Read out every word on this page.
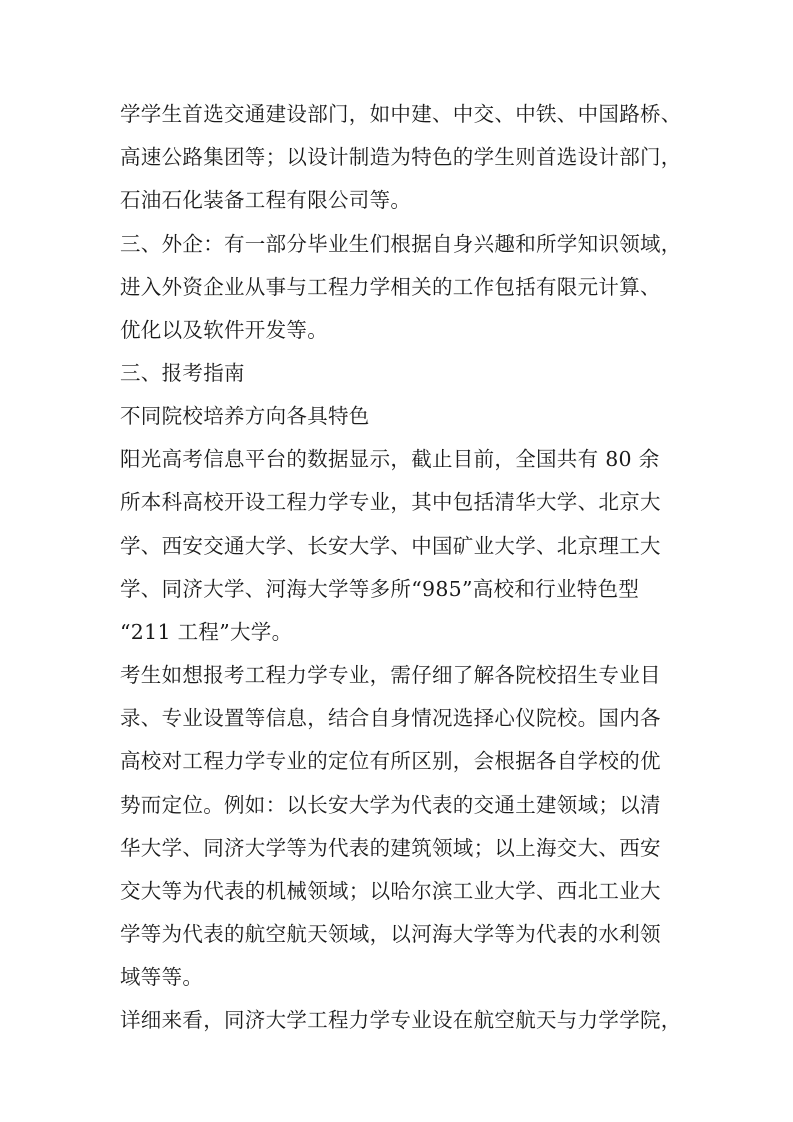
学学生首选交通建设部门，如中建、中交、中铁、中国路桥、
高速公路集团等；以设计制造为特色的学生则首选设计部门，
石油石化装备工程有限公司等。
三、外企：有一部分毕业生们根据自身兴趣和所学知识领域，
进入外资企业从事与工程力学相关的工作包括有限元计算、
优化以及软件开发等。
三、报考指南
不同院校培养方向各具特色
阳光高考信息平台的数据显示，截止目前，全国共有 80 余
所本科高校开设工程力学专业，其中包括清华大学、北京大
学、西安交通大学、长安大学、中国矿业大学、北京理工大
学、同济大学、河海大学等多所“985”高校和行业特色型
“211 工程”大学。
考生如想报考工程力学专业，需仔细了解各院校招生专业目
录、专业设置等信息，结合自身情况选择心仪院校。国内各
高校对工程力学专业的定位有所区别，会根据各自学校的优
势而定位。例如：以长安大学为代表的交通土建领域；以清
华大学、同济大学等为代表的建筑领域；以上海交大、西安
交大等为代表的机械领域；以哈尔滨工业大学、西北工业大
学等为代表的航空航天领域，以河海大学等为代表的水利领
域等等。
详细来看，同济大学工程力学专业设在航空航天与力学学院，
